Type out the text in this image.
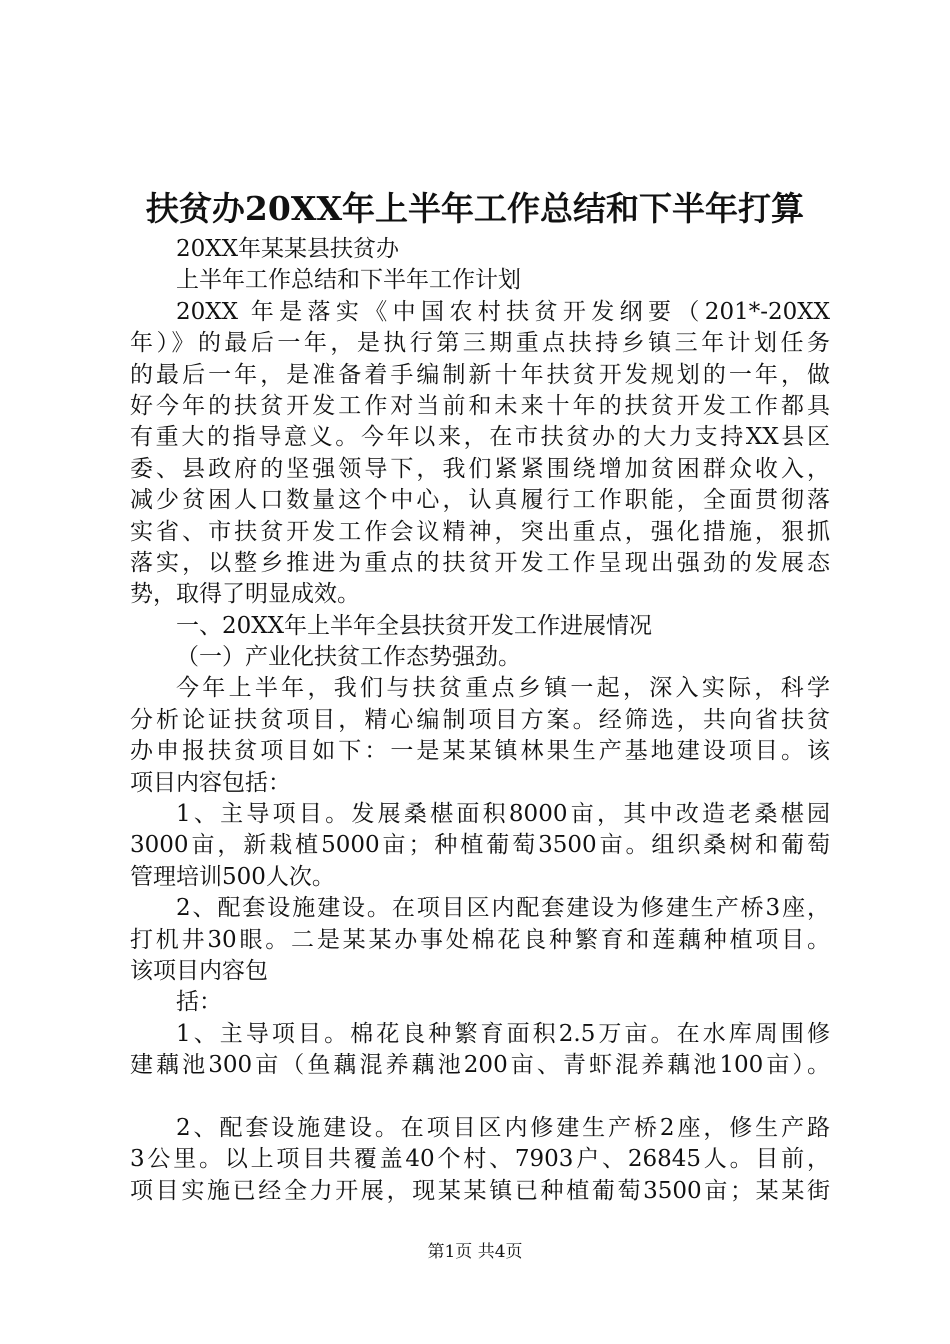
扶贫办20XX年上半年工作总结和下半年打算
20XX年某某县扶贫办
上半年工作总结和下半年工作计划
20XX 年是落实《中国农村扶贫开发纲要（201*-20XX
年）》的最后一年，是执行第三期重点扶持乡镇三年计划任务
的最后一年，是准备着手编制新十年扶贫开发规划的一年，做
好今年的扶贫开发工作对当前和未来十年的扶贫开发工作都具
有重大的指导意义。今年以来，在市扶贫办的大力支持XX县区
委、县政府的坚强领导下，我们紧紧围绕增加贫困群众收入，
减少贫困人口数量这个中心，认真履行工作职能，全面贯彻落
实省、市扶贫开发工作会议精神，突出重点，强化措施，狠抓
落实，以整乡推进为重点的扶贫开发工作呈现出强劲的发展态
势，取得了明显成效。
一、20XX年上半年全县扶贫开发工作进展情况
（一）产业化扶贫工作态势强劲。
今年上半年，我们与扶贫重点乡镇一起，深入实际，科学
分析论证扶贫项目，精心编制项目方案。经筛选，共向省扶贫
办申报扶贫项目如下：一是某某镇林果生产基地建设项目。该
项目内容包括：
1、主导项目。发展桑椹面积8000亩，其中改造老桑椹园
3000亩，新栽植5000亩；种植葡萄3500亩。组织桑树和葡萄
管理培训500人次。
2、配套设施建设。在项目区内配套建设为修建生产桥3座，
打机井30眼。二是某某办事处棉花良种繁育和莲藕种植项目。
该项目内容包
括：
1、主导项目。棉花良种繁育面积2.5万亩。在水库周围修
建藕池300亩（鱼藕混养藕池200亩、青虾混养藕池100亩）。
2、配套设施建设。在项目区内修建生产桥2座，修生产路
3公里。以上项目共覆盖40个村、7903户、26845人。目前，
项目实施已经全力开展，现某某镇已种植葡萄3500亩；某某街
第1页 共4页
